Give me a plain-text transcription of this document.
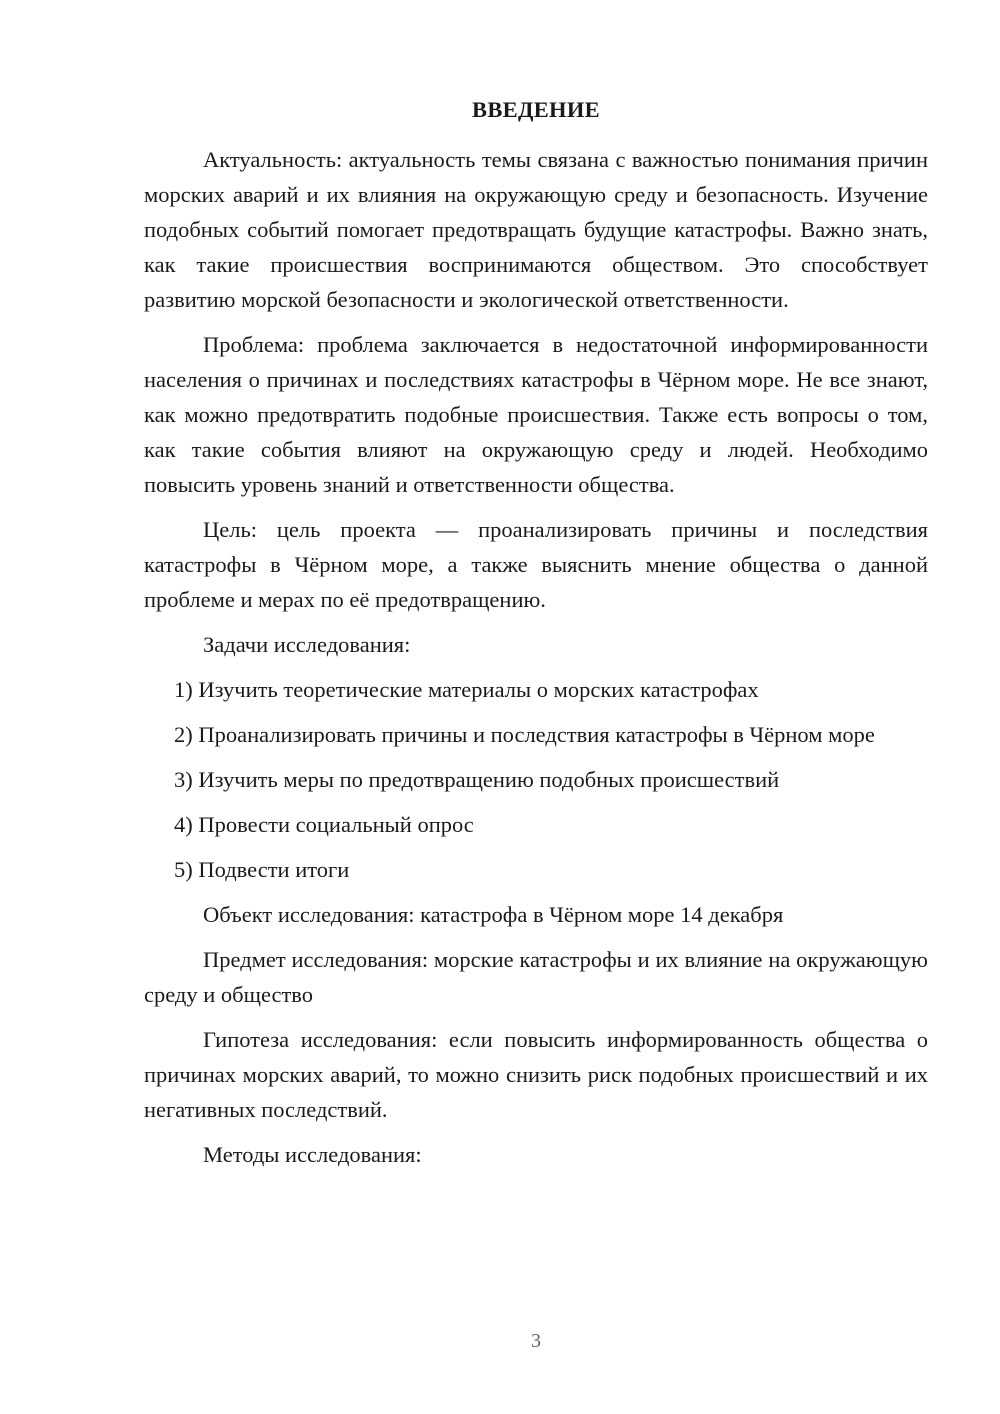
ВВЕДЕНИЕ

Актуальность: актуальность темы связана с важностью понимания причин морских аварий и их влияния на окружающую среду и безопасность. Изучение подобных событий помогает предотвращать будущие катастрофы. Важно знать, как такие происшествия воспринимаются обществом. Это способствует развитию морской безопасности и экологической ответственности.

Проблема: проблема заключается в недостаточной информированности населения о причинах и последствиях катастрофы в Чёрном море. Не все знают, как можно предотвратить подобные происшествия. Также есть вопросы о том, как такие события влияют на окружающую среду и людей. Необходимо повысить уровень знаний и ответственности общества.

Цель: цель проекта — проанализировать причины и последствия катастрофы в Чёрном море, а также выяснить мнение общества о данной проблеме и мерах по её предотвращению.

Задачи исследования:

1) Изучить теоретические материалы о морских катастрофах

2) Проанализировать причины и последствия катастрофы в Чёрном море

3) Изучить меры по предотвращению подобных происшествий

4) Провести социальный опрос

5) Подвести итоги

Объект исследования: катастрофа в Чёрном море 14 декабря

Предмет исследования: морские катастрофы и их влияние на окружающую среду и общество

Гипотеза исследования: если повысить информированность общества о причинах морских аварий, то можно снизить риск подобных происшествий и их негативных последствий.

Методы исследования:

3
